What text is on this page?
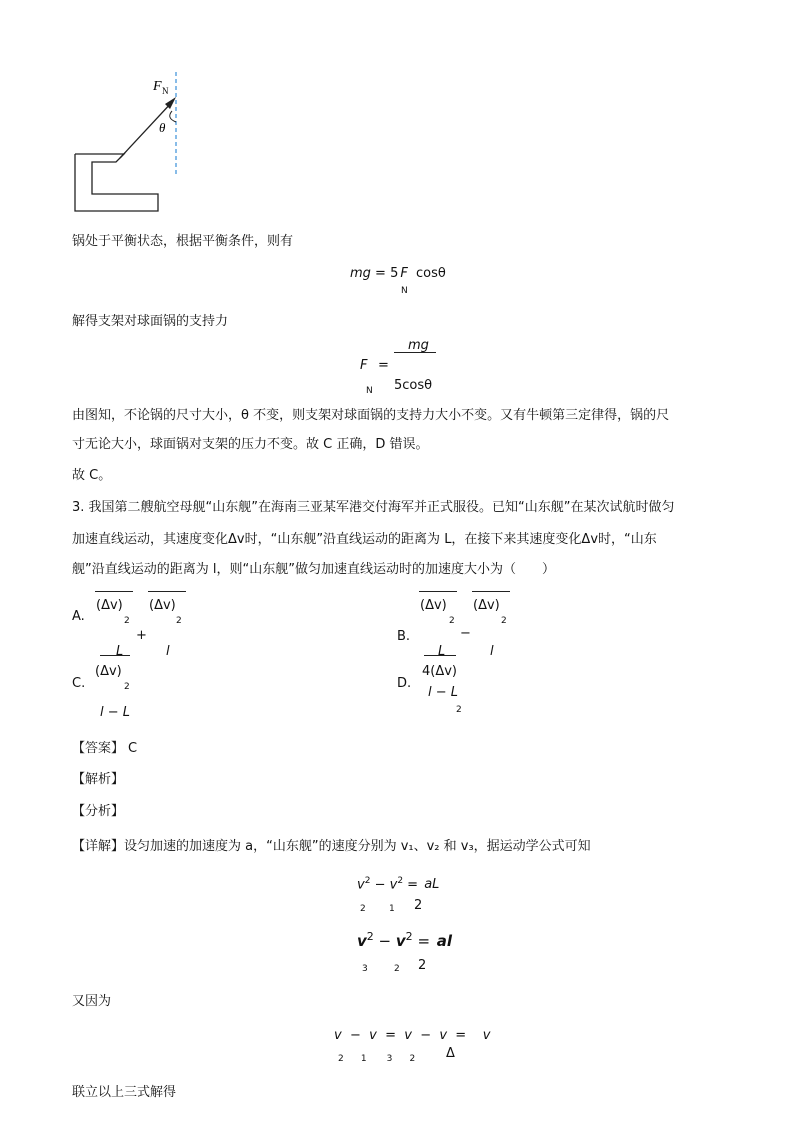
F N
θ
锅处于平衡状态，根据平衡条件，则有
mg = 5 F cosθ
N
解得支架对球面锅的支持力
mg
F =
N 5cosθ
由图知，不论锅的尺寸大小，θ 不变，则支架对球面锅的支持力大小不变。又有牛顿第三定律得，锅的尺
寸无论大小，球面锅对支架的压力不变。故 C 正确，D 错误。
故 C。
3. 我国第二艘航空母舰“山东舰”在海南三亚某军港交付海军并正式服役。已知“山东舰”在某次试航时做匀
加速直线运动，其速度变化Δv时，“山东舰”沿直线运动的距离为 L，在接下来其速度变化Δv时，“山东
舰”沿直线运动的距离为 l，则“山东舰”做匀加速直线运动时的加速度大小为（　　）
(Δv) (Δv)
A.	2	2
+
L	l
(Δv) (Δv)
2	2
B.	−
L	l
(Δv)
C.	2
l − L
4(Δv)
D.
l − L
2
【答案】 C
【解析】
【分析】
【详解】设匀加速的加速度为 a，“山东舰”的速度分别为 v₁、v₂ 和 v₃，据运动学公式可知
$v^2 - v^2$ = aL
2	1 2
$v^2 - v^2$ = al
3	2 2
又因为
v  −  v  =  v  −  v  =    v
2      1       3      2 Δ
联立以上三式解得
